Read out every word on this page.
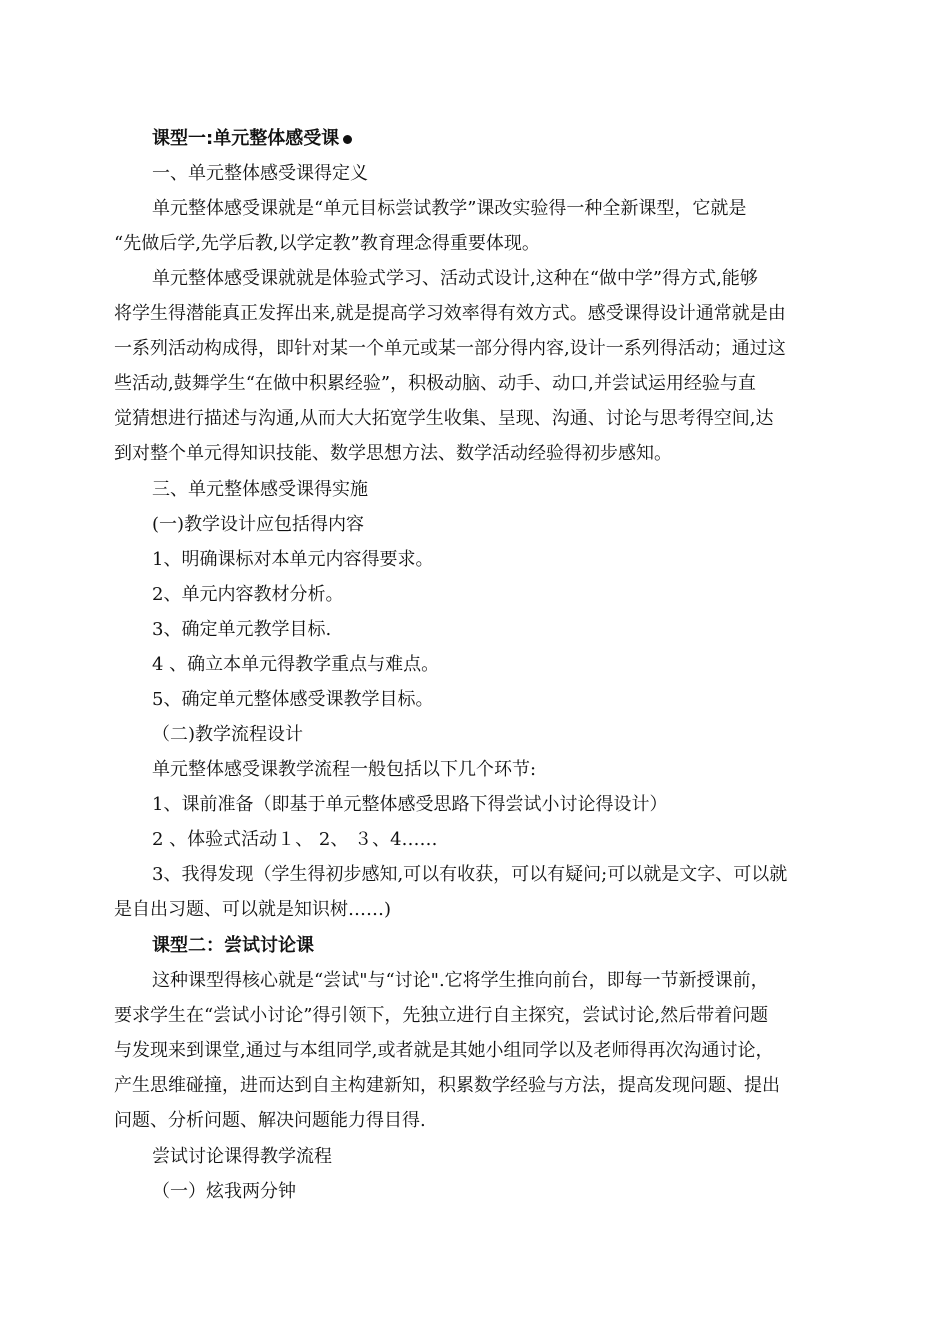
课型一:单元整体感受课
一、单元整体感受课得定义
单元整体感受课就是“单元目标尝试教学”课改实验得一种全新课型，它就是
“先做后学,先学后教,以学定教”教育理念得重要体现。
单元整体感受课就就是体验式学习、活动式设计,这种在“做中学”得方式,能够
将学生得潜能真正发挥出来,就是提高学习效率得有效方式。感受课得设计通常就是由
一系列活动构成得，即针对某一个单元或某一部分得内容,设计一系列得活动；通过这
些活动,鼓舞学生“在做中积累经验”，积极动脑、动手、动口,并尝试运用经验与直
觉猜想进行描述与沟通,从而大大拓宽学生收集、呈现、沟通、讨论与思考得空间,达
到对整个单元得知识技能、数学思想方法、数学活动经验得初步感知。
三、单元整体感受课得实施
(一)教学设计应包括得内容
1、明确课标对本单元内容得要求。
2、单元内容教材分析。
3、确定单元教学目标.
4 、确立本单元得教学重点与难点。
5、确定单元整体感受课教学目标。
（二)教学流程设计
单元整体感受课教学流程一般包括以下几个环节:
1、课前准备（即基于单元整体感受思路下得尝试小讨论得设计）
2 、体验式活动１、 2、 ３、4……
3、我得发现（学生得初步感知,可以有收获，可以有疑问;可以就是文字、可以就
是自出习题、可以就是知识树……)
课型二：尝试讨论课
这种课型得核心就是“尝试"与“讨论".它将学生推向前台，即每一节新授课前，
要求学生在“尝试小讨论”得引领下，先独立进行自主探究，尝试讨论,然后带着问题
与发现来到课堂,通过与本组同学,或者就是其她小组同学以及老师得再次沟通讨论，
产生思维碰撞，进而达到自主构建新知，积累数学经验与方法，提高发现问题、提出
问题、分析问题、解决问题能力得目得.
尝试讨论课得教学流程
（一）炫我两分钟
